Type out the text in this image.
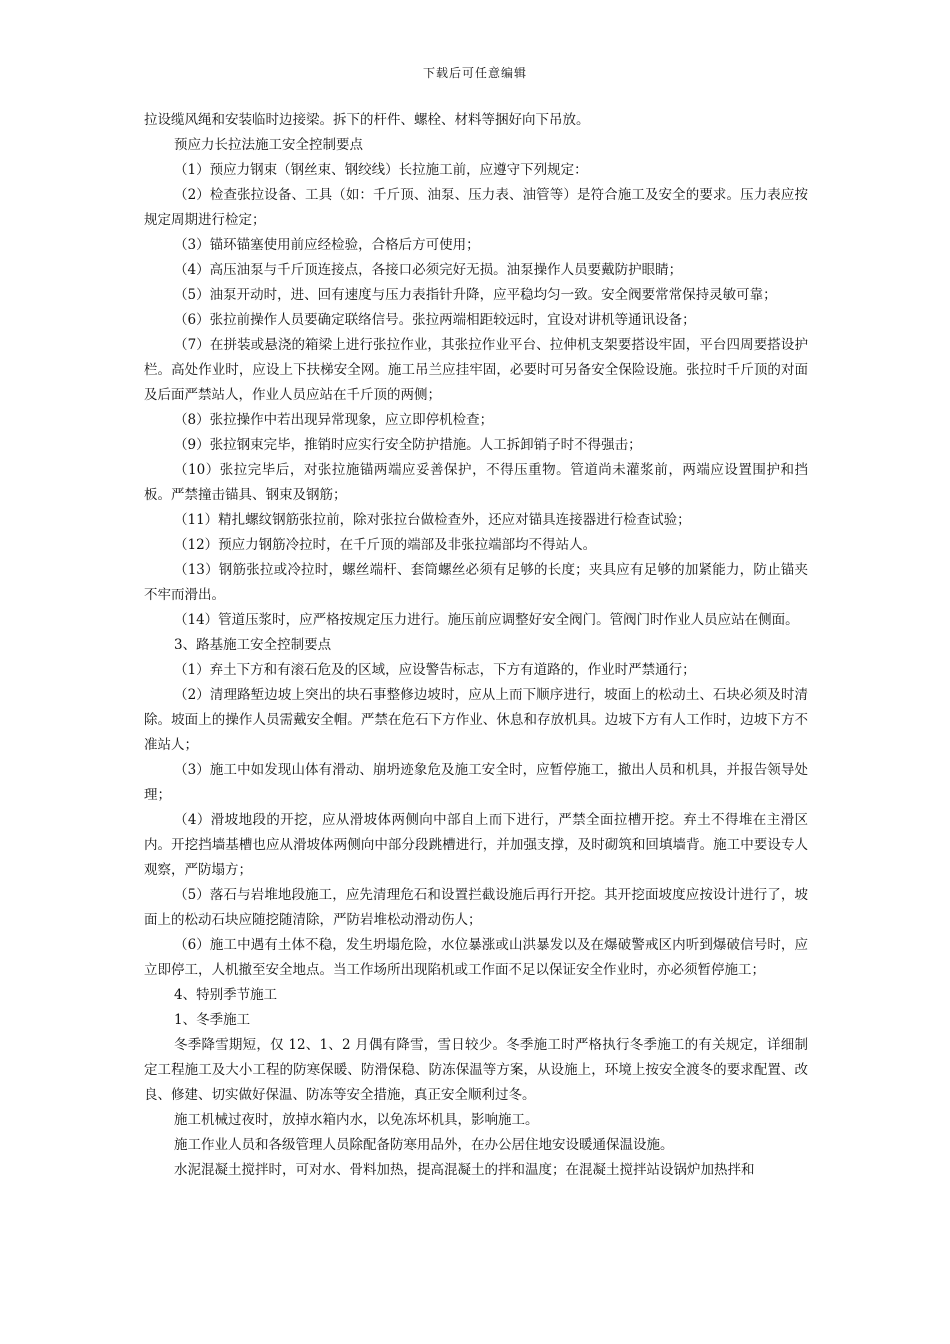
下载后可任意编辑

拉设缆风绳和安装临时边接梁。拆下的杆件、螺栓、材料等捆好向下吊放。

预应力长拉法施工安全控制要点

（1）预应力钢束（钢丝束、钢绞线）长拉施工前，应遵守下列规定：

（2）检查张拉设备、工具（如：千斤顶、油泵、压力表、油管等）是符合施工及安全的要求。压力表应按规定周期进行检定；

（3）锚环锚塞使用前应经检验，合格后方可使用；

（4）高压油泵与千斤顶连接点，各接口必须完好无损。油泵操作人员要戴防护眼睛；

（5）油泵开动时，进、回有速度与压力表指针升降，应平稳均匀一致。安全阀要常常保持灵敏可靠；

（6）张拉前操作人员要确定联络信号。张拉两端相距较远时，宜设对讲机等通讯设备；

（7）在拼装或悬浇的箱梁上进行张拉作业，其张拉作业平台、拉伸机支架要搭设牢固，平台四周要搭设护栏。高处作业时，应设上下扶梯安全网。施工吊兰应挂牢固，必要时可另备安全保险设施。张拉时千斤顶的对面及后面严禁站人，作业人员应站在千斤顶的两侧；

（8）张拉操作中若出现异常现象，应立即停机检查；

（9）张拉钢束完毕，推销时应实行安全防护措施。人工拆卸销子时不得强击；

（10）张拉完毕后，对张拉施锚两端应妥善保护，不得压重物。管道尚未灌浆前，两端应设置围护和挡板。严禁撞击锚具、钢束及钢筋；

（11）精扎螺纹钢筋张拉前，除对张拉台做检查外，还应对锚具连接器进行检查试验；

（12）预应力钢筋冷拉时，在千斤顶的端部及非张拉端部均不得站人。

（13）钢筋张拉或冷拉时，螺丝端杆、套筒螺丝必须有足够的长度；夹具应有足够的加紧能力，防止锚夹不牢而滑出。

（14）管道压浆时，应严格按规定压力进行。施压前应调整好安全阀门。管阀门时作业人员应站在侧面。

3、路基施工安全控制要点

（1）弃土下方和有滚石危及的区域，应设警告标志，下方有道路的，作业时严禁通行；

（2）清理路堑边坡上突出的块石事整修边坡时，应从上而下顺序进行，坡面上的松动土、石块必须及时清除。坡面上的操作人员需戴安全帽。严禁在危石下方作业、休息和存放机具。边坡下方有人工作时，边坡下方不准站人；

（3）施工中如发现山体有滑动、崩坍迹象危及施工安全时，应暂停施工，撤出人员和机具，并报告领导处理；

（4）滑坡地段的开挖，应从滑坡体两侧向中部自上而下进行，严禁全面拉槽开挖。弃土不得堆在主滑区内。开挖挡墙基槽也应从滑坡体两侧向中部分段跳槽进行，并加强支撑，及时砌筑和回填墙背。施工中要设专人观察，严防塌方；

（5）落石与岩堆地段施工，应先清理危石和设置拦截设施后再行开挖。其开挖面坡度应按设计进行了，坡面上的松动石块应随挖随清除，严防岩堆松动滑动伤人；

（6）施工中遇有土体不稳，发生坍塌危险，水位暴涨或山洪暴发以及在爆破警戒区内听到爆破信号时，应立即停工，人机撤至安全地点。当工作场所出现陷机或工作面不足以保证安全作业时，亦必须暂停施工；

4、特别季节施工

1、冬季施工

冬季降雪期短，仅 12、1、2 月偶有降雪，雪日较少。冬季施工时严格执行冬季施工的有关规定，详细制定工程施工及大小工程的防寒保暖、防滑保稳、防冻保温等方案，从设施上，环境上按安全渡冬的要求配置、改良、修建、切实做好保温、防冻等安全措施，真正安全顺利过冬。

施工机械过夜时，放掉水箱内水，以免冻坏机具，影响施工。

施工作业人员和各级管理人员除配备防寒用品外，在办公居住地安设暖通保温设施。

水泥混凝土搅拌时，可对水、骨料加热，提高混凝土的拌和温度；在混凝土搅拌站设锅炉加热拌和
